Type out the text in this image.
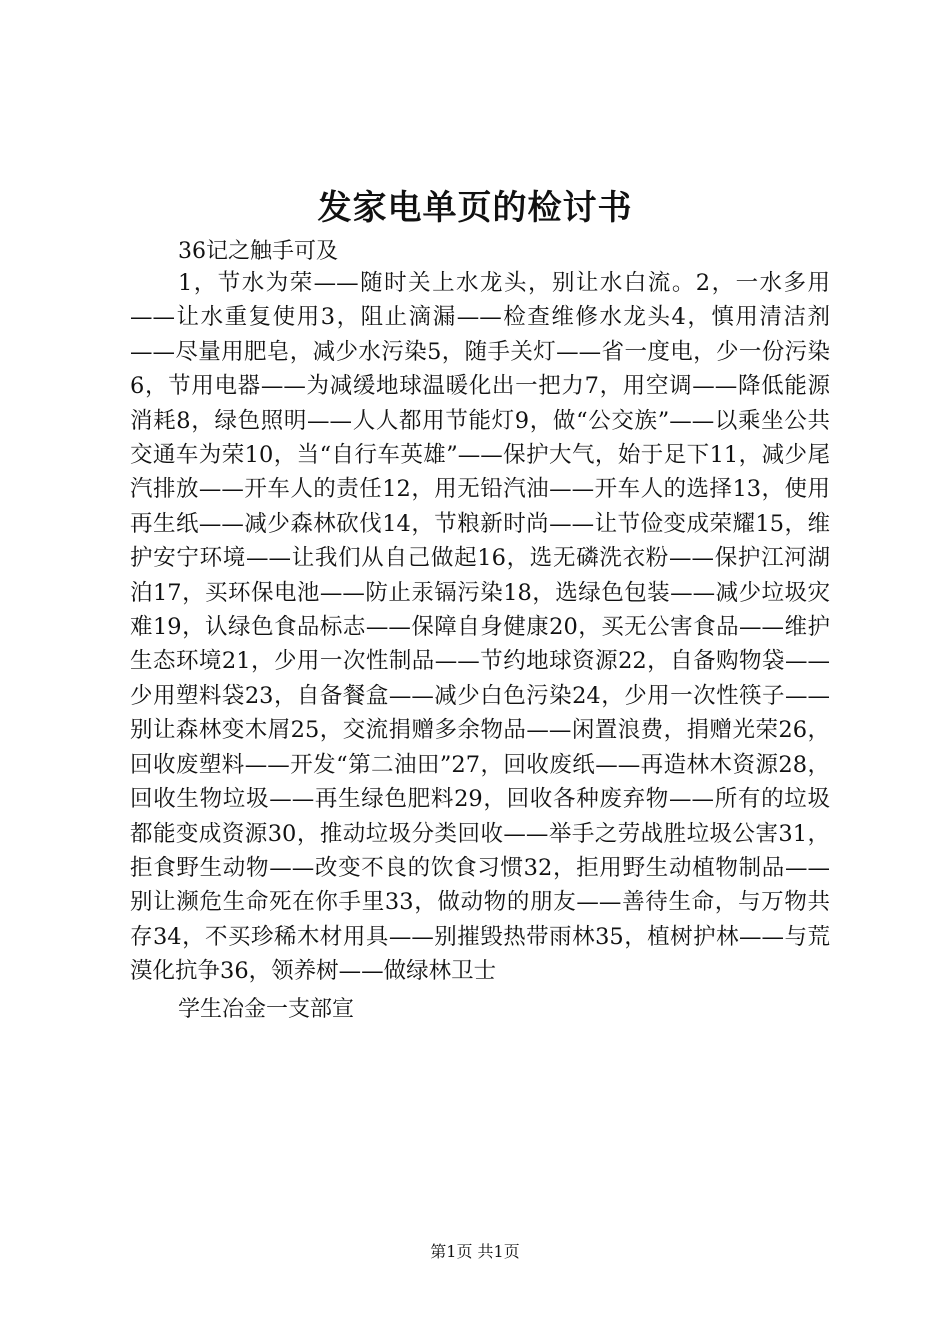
发家电单页的检讨书

36记之触手可及

1，节水为荣——随时关上水龙头，别让水白流。2，一水多用——让水重复使用3，阻止滴漏——检查维修水龙头4，慎用清洁剂——尽量用肥皂，减少水污染5，随手关灯——省一度电，少一份污染6，节用电器——为减缓地球温暖化出一把力7，用空调——降低能源消耗8，绿色照明——人人都用节能灯9，做“公交族”——以乘坐公共交通车为荣10，当“自行车英雄”——保护大气，始于足下11，减少尾汽排放——开车人的责任12，用无铅汽油——开车人的选择13，使用再生纸——减少森林砍伐14，节粮新时尚——让节俭变成荣耀15，维护安宁环境——让我们从自己做起16，选无磷洗衣粉——保护江河湖泊17，买环保电池——防止汞镉污染18，选绿色包装——减少垃圾灾难19，认绿色食品标志——保障自身健康20，买无公害食品——维护生态环境21，少用一次性制品——节约地球资源22，自备购物袋——少用塑料袋23，自备餐盒——减少白色污染24，少用一次性筷子——别让森林变木屑25，交流捐赠多余物品——闲置浪费，捐赠光荣26，回收废塑料——开发“第二油田”27，回收废纸——再造林木资源28，回收生物垃圾——再生绿色肥料29，回收各种废弃物——所有的垃圾都能变成资源30，推动垃圾分类回收——举手之劳战胜垃圾公害31，拒食野生动物——改变不良的饮食习惯32，拒用野生动植物制品——别让濒危生命死在你手里33，做动物的朋友——善待生命，与万物共存34，不买珍稀木材用具——别摧毁热带雨林35，植树护林——与荒漠化抗争36，领养树——做绿林卫士

学生冶金一支部宣

第1页 共1页
